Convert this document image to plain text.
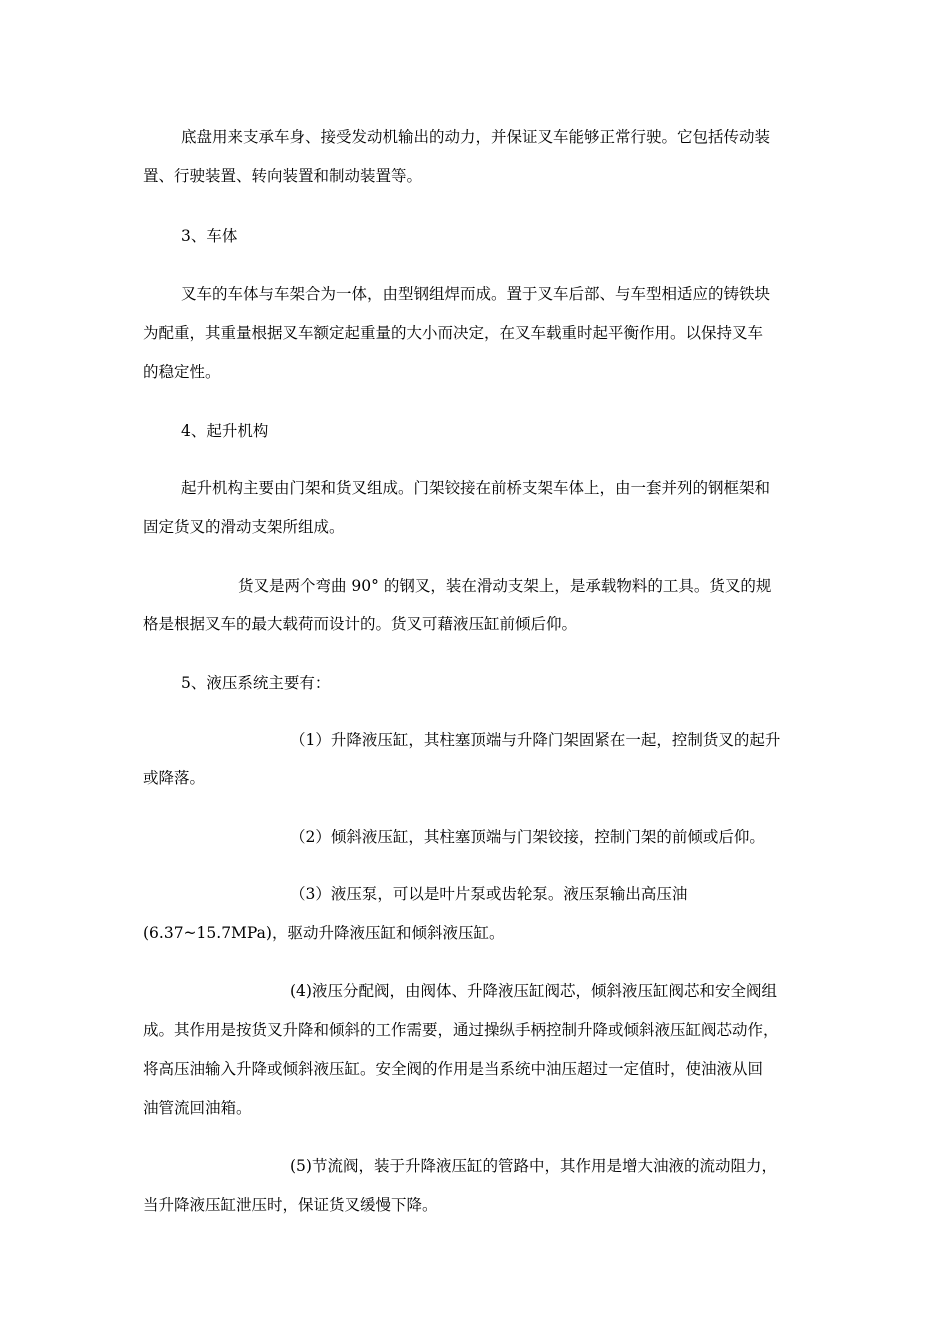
底盘用来支承车身、接受发动机输出的动力，并保证叉车能够正常行驶。它包括传动装
置、行驶装置、转向装置和制动装置等。
3、车体
叉车的车体与车架合为一体，由型钢组焊而成。置于叉车后部、与车型相适应的铸铁块
为配重，其重量根据叉车额定起重量的大小而决定，在叉车载重时起平衡作用。以保持叉车
的稳定性。
4、起升机构
起升机构主要由门架和货叉组成。门架铰接在前桥支架车体上，由一套并列的钢框架和
固定货叉的滑动支架所组成。
货叉是两个弯曲 90° 的钢叉，装在滑动支架上，是承载物料的工具。货叉的规
格是根据叉车的最大载荷而设计的。货叉可藉液压缸前倾后仰。
5、液压系统主要有：
（1）升降液压缸，其柱塞顶端与升降门架固紧在一起，控制货叉的起升
或降落。
（2）倾斜液压缸，其柱塞顶端与门架铰接，控制门架的前倾或后仰。
（3）液压泵，可以是叶片泵或齿轮泵。液压泵输出高压油
(6.37~15.7MPa)，驱动升降液压缸和倾斜液压缸。
(4)液压分配阀，由阀体、升降液压缸阀芯，倾斜液压缸阀芯和安全阀组
成。其作用是按货叉升降和倾斜的工作需要，通过操纵手柄控制升降或倾斜液压缸阀芯动作，
将高压油输入升降或倾斜液压缸。安全阀的作用是当系统中油压超过一定值时，使油液从回
油管流回油箱。
(5)节流阀，装于升降液压缸的管路中，其作用是增大油液的流动阻力，
当升降液压缸泄压时，保证货叉缓慢下降。
